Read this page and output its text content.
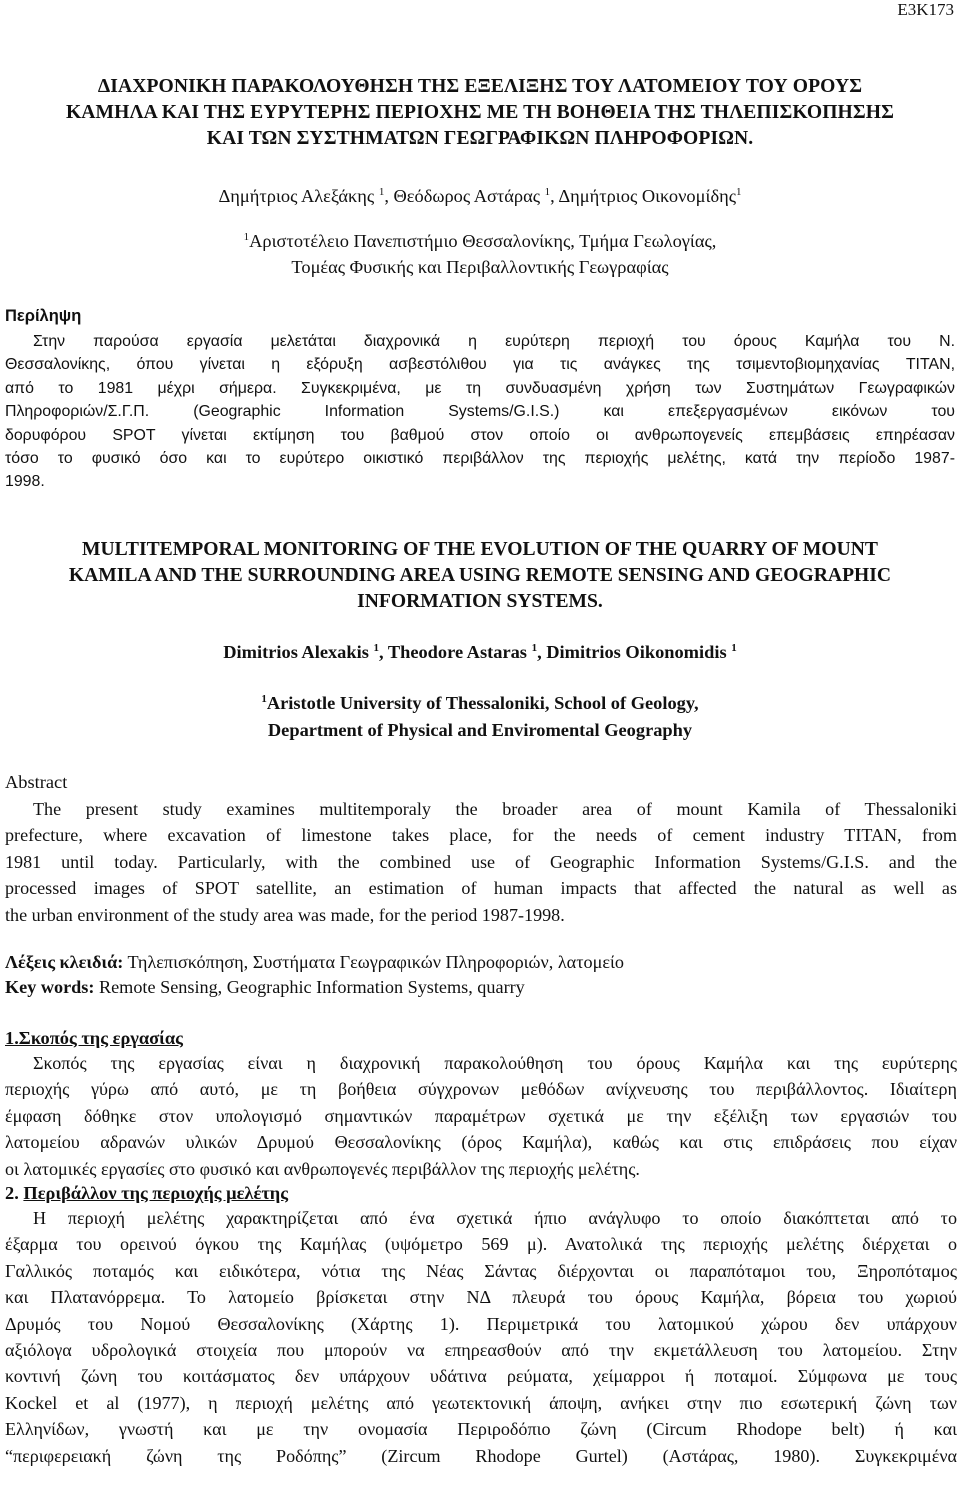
Ε3Κ173
ΔΙΑΧΡΟΝΙΚΗ ΠΑΡΑΚΟΛΟΥΘΗΣΗ ΤΗΣ ΕΞΕΛΙΞΗΣ ΤΟΥ ΛΑΤΟΜΕΙΟΥ ΤΟΥ ΟΡΟΥΣ
ΚΑΜΗΛΑ ΚΑΙ ΤΗΣ ΕΥΡΥΤΕΡΗΣ ΠΕΡΙΟΧΗΣ ΜΕ ΤΗ ΒΟΗΘΕΙΑ ΤΗΣ ΤΗΛΕΠΙΣΚΟΠΗΣΗΣ
ΚΑΙ ΤΩΝ ΣΥΣΤΗΜΑΤΩΝ ΓΕΩΓΡΑΦΙΚΩΝ ΠΛΗΡΟΦΟΡΙΩΝ.
Δημήτριος Αλεξάκης $^1$, Θεόδωρος Αστάρας $^1$, Δημήτριος Οικονομίδης$^1$
$^1$Αριστοτέλειο Πανεπιστήμιο Θεσσαλονίκης, Τμήμα Γεωλογίας,
Τομέας Φυσικής και Περιβαλλοντικής Γεωγραφίας
Περίληψη
Στην παρούσα εργασία μελετάται διαχρονικά η ευρύτερη περιοχή του όρους Καμήλα του Ν.
Θεσσαλονίκης, όπου γίνεται η εξόρυξη ασβεστόλιθου για τις ανάγκες της τσιμεντοβιομηχανίας TITAN,
από το 1981 μέχρι σήμερα. Συγκεκριμένα, με τη συνδυασμένη χρήση των Συστημάτων Γεωγραφικών
Πληροφοριών/Σ.Γ.Π. (Geographic Information Systems/G.I.S.) και επεξεργασμένων εικόνων του
δορυφόρου SPOT γίνεται εκτίμηση του βαθμού στον οποίο οι ανθρωπογενείς επεμβάσεις επηρέασαν
τόσο το φυσικό όσο και το ευρύτερο οικιστικό περιβάλλον της περιοχής μελέτης, κατά την περίοδο 1987-
1998.
MULTITEMPORAL MONITORING OF THE EVOLUTION OF THE QUARRY OF MOUNT
KAMILA AND THE SURROUNDING AREA USING REMOTE SENSING AND GEOGRAPHIC
INFORMATION SYSTEMS.
Dimitrios Alexakis $^1$, Theodore Astaras $^1$, Dimitrios Oikonomidis $^1$
$^1$Aristotle University of Thessaloniki, School of Geology,
Department of Physical and Enviromental Geography
Abstract
The present study examines multitemporaly the broader area of mount Kamila of Thessaloniki
prefecture, where excavation of limestone takes place, for the needs of cement industry TITAN, from
1981 until today. Particularly, with the combined use of Geographic Information Systems/G.I.S. and the
processed images of SPOT satellite, an estimation of human impacts that affected the natural as well as
the urban environment of the study area was made, for the period 1987-1998.
Λέξεις κλειδιά: Τηλεπισκόπηση, Συστήματα Γεωγραφικών Πληροφοριών, λατομείο
Key words: Remote Sensing, Geographic Information Systems, quarry
1.Σκοπός της εργασίας
Σκοπός της εργασίας είναι η διαχρονική παρακολούθηση του όρους Καμήλα και της ευρύτερης
περιοχής γύρω από αυτό, με τη βοήθεια σύγχρονων μεθόδων ανίχνευσης του περιβάλλοντος. Ιδιαίτερη
έμφαση δόθηκε στον υπολογισμό σημαντικών παραμέτρων σχετικά με την εξέλιξη των εργασιών του
λατομείου αδρανών υλικών Δρυμού Θεσσαλονίκης (όρος Καμήλα), καθώς και στις επιδράσεις που είχαν
οι λατομικές εργασίες στο φυσικό και ανθρωπογενές περιβάλλον της περιοχής μελέτης.
2. Περιβάλλον της περιοχής μελέτης
Η περιοχή μελέτης χαρακτηρίζεται από ένα σχετικά ήπιο ανάγλυφο το οποίο διακόπτεται από το
έξαρμα του ορεινού όγκου της Καμήλας (υψόμετρο 569 μ). Ανατολικά της περιοχής μελέτης διέρχεται ο
Γαλλικός ποταμός και ειδικότερα, νότια της Νέας Σάντας διέρχονται οι παραπόταμοι του, Ξηροπόταμος
και Πλατανόρρεμα. Το λατομείο βρίσκεται στην ΝΔ πλευρά του όρους Καμήλα, βόρεια του χωριού
Δρυμός του Νομού Θεσσαλονίκης (Χάρτης 1). Περιμετρικά του λατομικού χώρου δεν υπάρχουν
αξιόλογα υδρολογικά στοιχεία που μπορούν να επηρεασθούν από την εκμετάλλευση του λατομείου. Στην
κοντινή ζώνη του κοιτάσματος δεν υπάρχουν υδάτινα ρεύματα, χείμαρροι ή ποταμοί. Σύμφωνα με τους
Kockel et al (1977), η περιοχή μελέτης από γεωτεκτονική άποψη, ανήκει στην πιο εσωτερική ζώνη των
Ελληνίδων, γνωστή και με την ονομασία Περιροδόπιο ζώνη (Circum Rhodope belt) ή και
“περιφερειακή ζώνη της Ροδόπης” (Zircum Rhodope Gurtel) (Αστάρας, 1980). Συγκεκριμένα
